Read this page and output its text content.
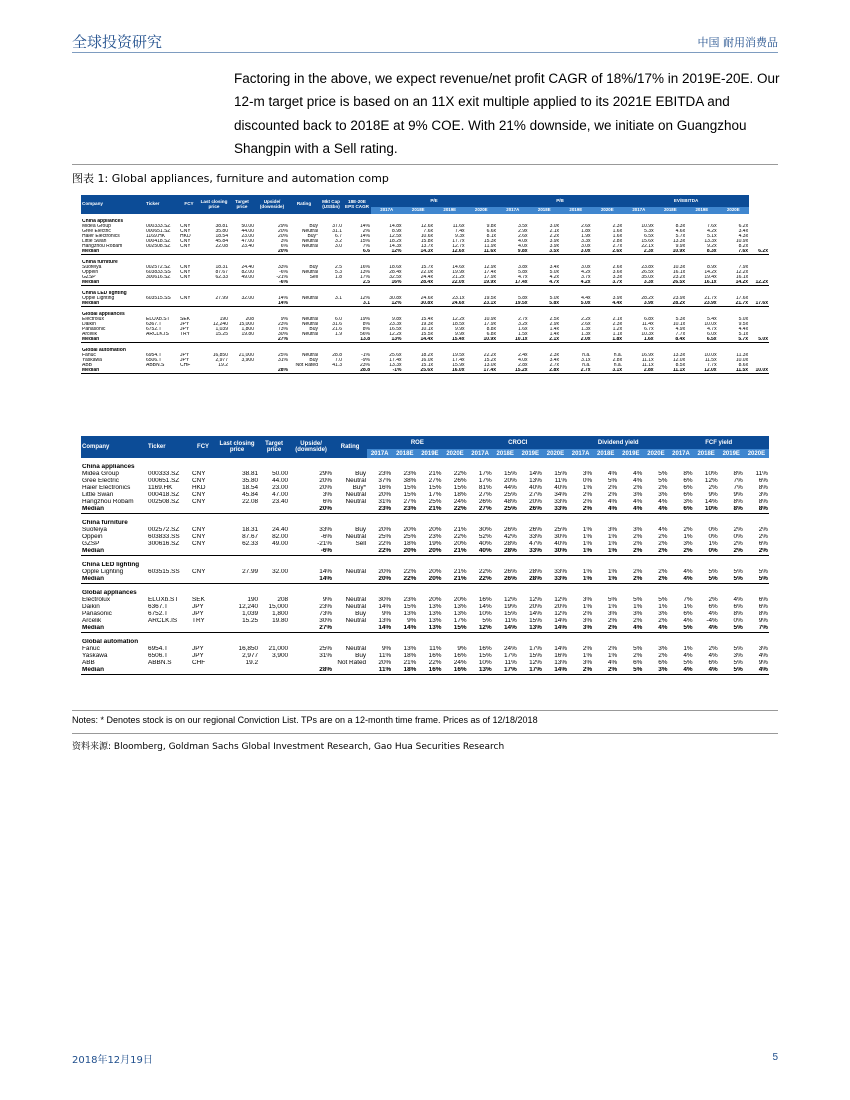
全球投资研究	中国 耐用消费品
Factoring in the above, we expect revenue/net profit CAGR of 18%/17% in 2019E-20E. Our 12-m target price is based on an 11X exit multiple applied to its 2021E EBITDA and discounted back to 2018E at 9% COE. With 21% downside, we initiate on Guangzhou Shangpin with a Sell rating.
图表 1: Global appliances, furniture and automation comp
Company	Ticker	FCY	Last closing price	Target price	Upside/ (downside)	Rating	Mkt Cap (US$bn)	18E-20E EPS CAGR	P/E				P/B				EV/EBITDA				
									2017A	2018E	2019E	2020E	2017A	2018E	2019E	2020E	2017A	2018E	2019E	2020E	

China appliances																					
Midea Group	000333.SZ	CNY	38.81	50.00	29%	Buy	37.0	14%	14.8x	12.6x	11.6x	9.8x	3.5x	3.0x	2.6x	2.3x	10.9x	8.3x	7.6x	6.2x	
Gree Electric	000651.SZ	CNY	35.80	44.00	20%	Neutral	31.1	2%	8.9x	7.6x	7.4x	6.6x	2.9x	2.1x	1.8x	1.6x	5.3x	4.6x	4.2x	3.4x	
Haier Electronics	1169.HK	HKD	18.54	23.00	20%	Buy*	6.7	14%	12.5x	10.6x	9.3x	8.1x	2.6x	2.2x	1.9x	1.6x	6.5x	5.7x	5.1x	4.3x	
Little Swan	000418.SZ	CNY	45.84	47.00	3%	Neutral	3.2	15%	18.2x	15.8x	17.7x	15.3x	4.0x	3.9x	3.3x	2.8x	15.6x	13.3x	13.3x	10.9x	
Hangzhou Robam	002508.SZ	CNY	22.08	23.40	6%	Neutral	3.0	7%	14.3x	13.7x	12.7x	11.9x	4.0x	3.9x	3.0x	2.7x	22.1x	9.9x	9.2x	8.2x	
Median					20%			6.6	12%	14.3x	12.6x	11.6x	9.8x	3.5x	3.0x	2.6x	2.3x	10.9x	8.3x	7.6x	6.2x

China furniture																					
Suofeiya	002572.SZ	CNY	18.31	24.40	33%	Buy	2.5	16%	18.6x	15.7x	14.6x	12.9x	3.8x	3.4x	3.0x	2.6x	23.8x	10.3x	8.9x	7.9x	
Oppein	603833.SS	CNY	87.67	82.00	-6%	Neutral	5.3	13%	28.4x	22.0x	19.9x	17.4x	5.8x	5.0x	4.2x	3.6x	26.5x	16.1x	14.2x	12.2x	
GZSP	300616.SZ	CNY	62.33	49.00	-21%	Sell	1.8	17%	32.5x	24.4x	21.2x	17.9x	4.7x	4.2x	3.7x	3.3x	35.0x	23.2x	19.4x	16.1x	
Median					-6%			2.5	16%	28.4x	22.0x	19.9x	17.4x	4.7x	4.2x	3.7x	3.3x	26.5x	16.1x	14.2x	12.2x

China LED lighting																					
Opple Lighting	603515.SS	CNY	27.99	32.00	14%	Neutral	3.1	12%	30.8x	24.6x	23.1x	19.5x	5.8x	5.0x	4.4x	3.9x	28.2x	23.9x	21.7x	17.6x	
Median					14%			3.1	12%	30.8x	24.6x	23.1x	19.5x	5.8x	5.0x	4.4x	3.9x	28.2x	23.9x	21.7x	17.6x

Global appliances																					
Electrolux	ELUXb.ST	SEK	190	208	9%	Neutral	6.0	19%	9.8x	15.4x	12.2x	10.9x	2.7x	2.5x	2.2x	2.1x	6.8x	5.3x	5.4x	5.0x	
Daikin	6367.T	JPY	12,240	15,000	23%	Neutral	31.6	8%	23.3x	19.3x	18.5x	17.9x	3.2x	2.9x	2.6x	2.3x	11.4x	10.1x	10.0x	9.5x	
Panasonic	6752.T	JPY	1,039	1,800	73%	Buy	21.6	8%	16.5x	10.1x	9.9x	8.8x	1.6x	1.4x	1.3x	1.2x	6.7x	4.9x	4.7x	4.4x	
Arcelik	ARCLK.IS	TRY	15.25	19.80	30%	Neutral	1.9	56%	12.2x	15.5x	9.9x	6.8x	1.5x	1.4x	1.3x	1.1x	10.3x	7.7x	6.0x	5.1x	
Median					27%			13.8	13%	14.4x	15.4x	10.9x	10.1x	2.1x	2.0x	1.8x	1.6x	8.4x	6.5x	5.7x	5.0x

Global automation																					
Fanuc	6954.T	JPY	16,850	21,000	25%	Neutral	28.8	-1%	25.6x	18.2x	19.5x	22.2x	2.4x	2.3x	n.a.	n.a.	16.9x	13.3x	10.0x	11.3x	
Yaskawa	6506.T	JPY	2,977	3,900	31%	Buy	7.0	-9%	17.4x	16.0x	17.4x	15.2x	4.0x	3.4x	3.1x	2.8x	11.1x	12.0x	11.5x	10.0x	
ABB	ABBN.S	CHF	19.2			Not Rated	41.3	23%	13.3x	15.1x	15.9x	13.0x	2.8x	2.7x	n.a.	n.a.	11.1x	8.5x	7.7x	8.6x	
Median					28%			28.8	-1%	25.6x	16.0x	17.4x	15.2x	2.8x	2.7x	3.1x	2.8x	11.1x	12.0x	11.5x	10.0x
Company	Ticker	FCY	Last closing price	Target price	Upside/ (downside)	Rating	ROE				CROCI				Dividend yield				FCF yield			
							2017A	2018E	2019E	2020E	2017A	2018E	2019E	2020E	2017A	2018E	2019E	2020E	2017A	2018E	2019E	2020E

China appliances																						
Midea Group	000333.SZ	CNY	38.81	50.00	29%	Buy	23%	23%	21%	22%	17%	15%	14%	15%	3%	4%	4%	5%	8%	10%	8%	11%
Gree Electric	000651.SZ	CNY	35.80	44.00	20%	Neutral	37%	38%	27%	26%	17%	20%	13%	11%	0%	5%	4%	5%	6%	12%	7%	6%
Haier Electronics	1169.HK	HKD	18.54	23.00	20%	Buy*	16%	15%	15%	15%	81%	44%	40%	40%	1%	2%	2%	2%	6%	2%	7%	8%
Little Swan	000418.SZ	CNY	45.84	47.00	3%	Neutral	20%	15%	17%	18%	27%	25%	27%	34%	2%	2%	3%	3%	6%	9%	9%	3%
Hangzhou Robam	002508.SZ	CNY	22.08	23.40	6%	Neutral	31%	27%	25%	24%	26%	48%	20%	33%	2%	4%	4%	4%	3%	14%	8%	8%
Median					20%		23%	23%	21%	22%	27%	25%	26%	33%	2%	4%	4%	4%	6%	10%	8%	8%

China furniture																						
Suofeiya	002572.SZ	CNY	18.31	24.40	33%	Buy	20%	20%	20%	21%	30%	26%	26%	25%	1%	3%	3%	4%	2%	0%	2%	2%
Oppein	603833.SS	CNY	87.67	82.00	-6%	Neutral	25%	25%	23%	22%	52%	42%	33%	30%	1%	1%	2%	2%	1%	0%	0%	2%
GZSP	300616.SZ	CNY	62.33	49.00	-21%	Sell	22%	18%	19%	20%	40%	28%	47%	40%	1%	1%	2%	2%	3%	1%	2%	6%
Median					-6%		22%	20%	20%	21%	40%	28%	33%	30%	1%	1%	2%	2%	2%	0%	2%	2%

China LED lighting																						
Opple Lighting	603515.SS	CNY	27.99	32.00	14%	Neutral	20%	22%	20%	21%	22%	26%	28%	33%	1%	1%	2%	2%	4%	5%	5%	5%
Median					14%		20%	22%	20%	21%	22%	26%	28%	33%	1%	1%	2%	2%	4%	5%	5%	5%

Global appliances																						
Electrolux	ELUXb.ST	SEK	190	208	9%	Neutral	30%	23%	20%	20%	16%	12%	12%	12%	3%	5%	5%	5%	7%	2%	4%	6%
Daikin	6367.T	JPY	12,240	15,000	23%	Neutral	14%	15%	13%	13%	14%	19%	20%	20%	1%	1%	1%	1%	1%	6%	6%	6%
Panasonic	6752.T	JPY	1,039	1,800	73%	Buy	9%	13%	13%	13%	10%	15%	14%	12%	2%	3%	3%	3%	6%	4%	8%	8%
Arcelik	ARCLK.IS	TRY	15.25	19.80	30%	Neutral	13%	9%	13%	17%	5%	11%	15%	14%	3%	2%	2%	2%	4%	-4%	0%	9%
Median					27%		14%	14%	13%	15%	12%	14%	13%	14%	3%	2%	4%	4%	5%	4%	5%	7%

Global automation																						
Fanuc	6954.T	JPY	16,850	21,000	25%	Neutral	9%	13%	11%	9%	16%	24%	17%	14%	2%	2%	5%	3%	1%	2%	5%	3%
Yaskawa	6506.T	JPY	2,977	3,900	31%	Buy	11%	18%	16%	16%	15%	17%	15%	16%	1%	1%	2%	2%	4%	4%	3%	4%
ABB	ABBN.S	CHF	19.2			Not Rated	20%	21%	22%	24%	10%	11%	12%	13%	3%	4%	6%	6%	5%	6%	5%	9%
Median					28%		11%	18%	16%	16%	13%	17%	17%	14%	2%	2%	5%	3%	4%	4%	5%	4%
Notes: * Denotes stock is on our regional Conviction List. TPs are on a 12-month time frame. Prices as of 12/18/2018
资料来源: Bloomberg, Goldman Sachs Global Investment Research, Gao Hua Securities Research
2018年12月19日	5
